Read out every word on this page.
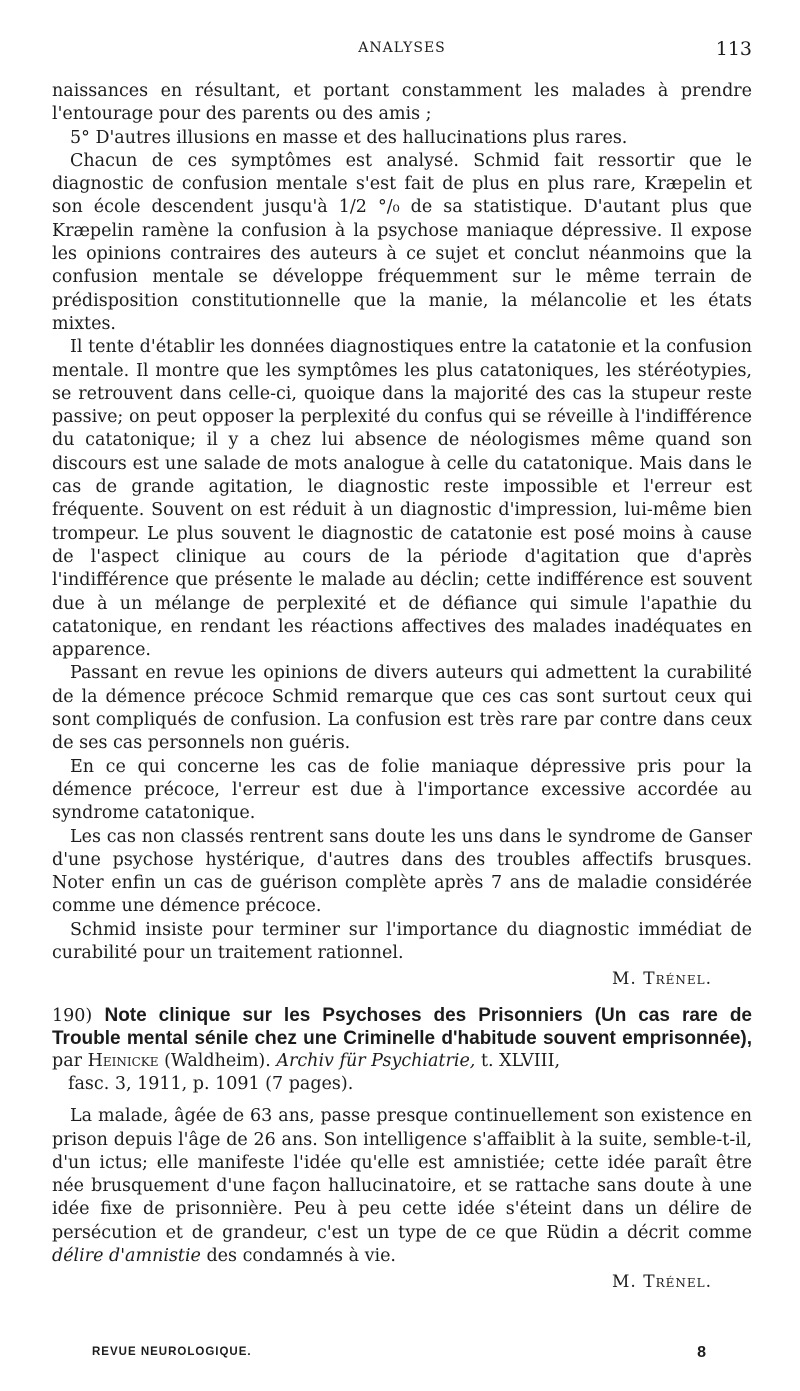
ANALYSES	113

naissances en résultant, et portant constamment les malades à prendre l'entourage pour des parents ou des amis ;

5° D'autres illusions en masse et des hallucinations plus rares.

Chacun de ces symptômes est analysé. Schmid fait ressortir que le diagnostic de confusion mentale s'est fait de plus en plus rare, Kræpelin et son école descendent jusqu'à 1/2 °/₀ de sa statistique. D'autant plus que Kræpelin ramène la confusion à la psychose maniaque dépressive. Il expose les opinions contraires des auteurs à ce sujet et conclut néanmoins que la confusion mentale se développe fréquemment sur le même terrain de prédisposition constitutionnelle que la manie, la mélancolie et les états mixtes.

Il tente d'établir les données diagnostiques entre la catatonie et la confusion mentale. Il montre que les symptômes les plus catatoniques, les stéréotypies, se retrouvent dans celle-ci, quoique dans la majorité des cas la stupeur reste passive; on peut opposer la perplexité du confus qui se réveille à l'indifférence du catatonique; il y a chez lui absence de néologismes même quand son discours est une salade de mots analogue à celle du catatonique. Mais dans le cas de grande agitation, le diagnostic reste impossible et l'erreur est fréquente. Souvent on est réduit à un diagnostic d'impression, lui-même bien trompeur. Le plus souvent le diagnostic de catatonie est posé moins à cause de l'aspect clinique au cours de la période d'agitation que d'après l'indifférence que présente le malade au déclin; cette indifférence est souvent due à un mélange de perplexité et de défiance qui simule l'apathie du catatonique, en rendant les réactions affectives des malades inadéquates en apparence.

Passant en revue les opinions de divers auteurs qui admettent la curabilité de la démence précoce Schmid remarque que ces cas sont surtout ceux qui sont compliqués de confusion. La confusion est très rare par contre dans ceux de ses cas personnels non guéris.

En ce qui concerne les cas de folie maniaque dépressive pris pour la démence précoce, l'erreur est due à l'importance excessive accordée au syndrome catatonique.

Les cas non classés rentrent sans doute les uns dans le syndrome de Ganser d'une psychose hystérique, d'autres dans des troubles affectifs brusques. Noter enfin un cas de guérison complète après 7 ans de maladie considérée comme une démence précoce.

Schmid insiste pour terminer sur l'importance du diagnostic immédiat de curabilité pour un traitement rationnel.

M. Trénel.

190) Note clinique sur les Psychoses des Prisonniers (Un cas rare de Trouble mental sénile chez une Criminelle d'habitude souvent emprisonnée), par Heinicke (Waldheim). Archiv für Psychiatrie, t. XLVIII,
fasc. 3, 1911, p. 1091 (7 pages).

La malade, âgée de 63 ans, passe presque continuellement son existence en prison depuis l'âge de 26 ans. Son intelligence s'affaiblit à la suite, semble-t-il, d'un ictus; elle manifeste l'idée qu'elle est amnistiée; cette idée paraît être née brusquement d'une façon hallucinatoire, et se rattache sans doute à une idée fixe de prisonnière. Peu à peu cette idée s'éteint dans un délire de persécution et de grandeur, c'est un type de ce que Rüdin a décrit comme délire d'amnistie des condamnés à vie.

M. Trénel.

REVUE NEUROLOGIQUE.	8
